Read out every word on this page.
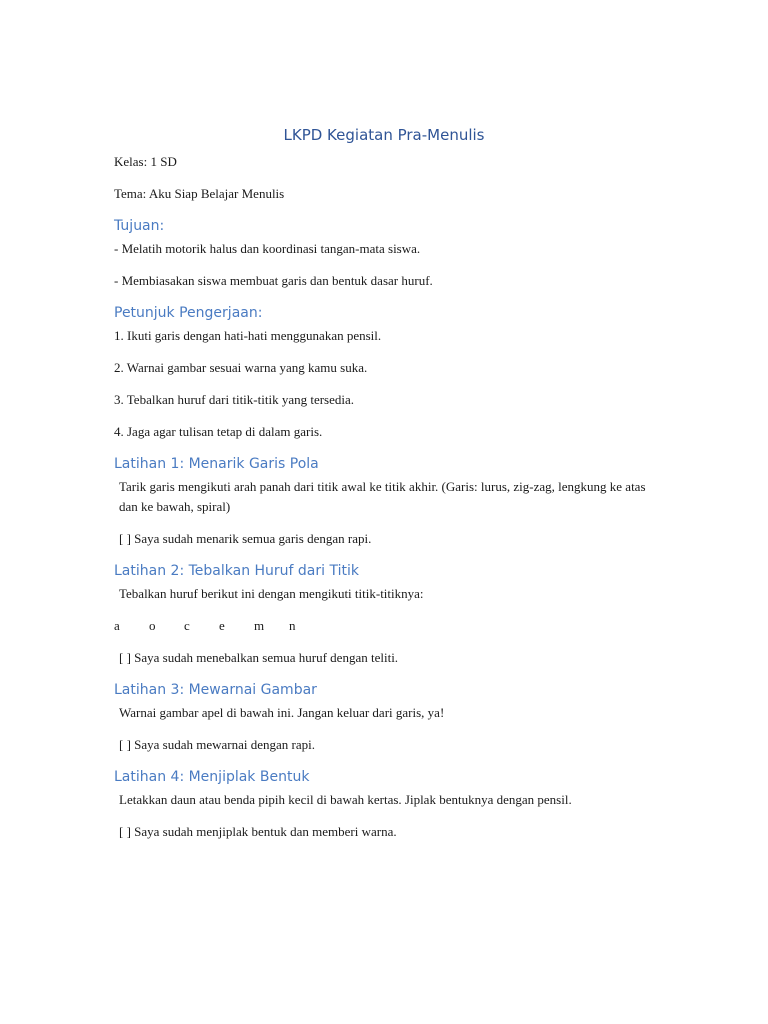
LKPD Kegiatan Pra-Menulis
Kelas: 1 SD
Tema: Aku Siap Belajar Menulis
Tujuan:
- Melatih motorik halus dan koordinasi tangan-mata siswa.
- Membiasakan siswa membuat garis dan bentuk dasar huruf.
Petunjuk Pengerjaan:
1. Ikuti garis dengan hati-hati menggunakan pensil.
2. Warnai gambar sesuai warna yang kamu suka.
3. Tebalkan huruf dari titik-titik yang tersedia.
4. Jaga agar tulisan tetap di dalam garis.
Latihan 1: Menarik Garis Pola
Tarik garis mengikuti arah panah dari titik awal ke titik akhir. (Garis: lurus, zig-zag, lengkung ke atas dan ke bawah, spiral)
[ ] Saya sudah menarik semua garis dengan rapi.
Latihan 2: Tebalkan Huruf dari Titik
Tebalkan huruf berikut ini dengan mengikuti titik-titiknya:
a	o	c	e	m	n
[ ] Saya sudah menebalkan semua huruf dengan teliti.
Latihan 3: Mewarnai Gambar
Warnai gambar apel di bawah ini. Jangan keluar dari garis, ya!
[ ] Saya sudah mewarnai dengan rapi.
Latihan 4: Menjiplak Bentuk
Letakkan daun atau benda pipih kecil di bawah kertas. Jiplak bentuknya dengan pensil.
[ ] Saya sudah menjiplak bentuk dan memberi warna.
